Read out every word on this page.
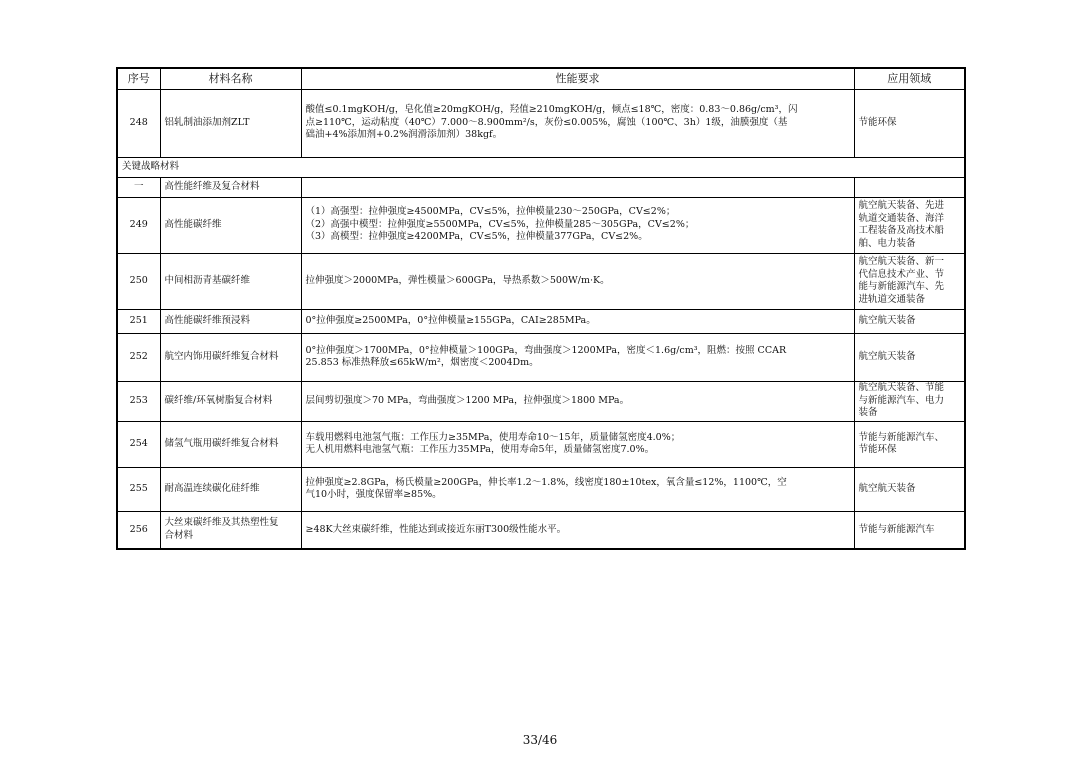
序号	材料名称	性能要求	应用领域
248	铝轧制油添加剂ZLT	酸值≤0.1mgKOH/g，皂化值≥20mgKOH/g，羟值≥210mgKOH/g，倾点≤18℃，密度：0.83～0.86g/cm³，闪
点≥110℃，运动粘度（40℃）7.000～8.900mm²/s，灰份≤0.005%，腐蚀（100℃、3h）1级，油膜强度（基
础油+4%添加剂+0.2%润滑添加剂）38kgf。	节能环保

关键战略材料			
一	高性能纤维及复合材料		
249	高性能碳纤维	（1）高强型：拉伸强度≥4500MPa，CV≤5%，拉伸模量230～250GPa，CV≤2%；
（2）高强中模型：拉伸强度≥5500MPa，CV≤5%，拉伸模量285～305GPa，CV≤2%；
（3）高模型：拉伸强度≥4200MPa，CV≤5%，拉伸模量377GPa，CV≤2%。	航空航天装备、先进
轨道交通装备、海洋
工程装备及高技术船
舶、电力装备

250	中间相沥青基碳纤维	拉伸强度＞2000MPa，弹性模量＞600GPa，导热系数＞500W/m·K。	航空航天装备、新一
代信息技术产业、节
能与新能源汽车、先
进轨道交通装备

251	高性能碳纤维预浸料	0°拉伸强度≥2500MPa，0°拉伸模量≥155GPa，CAI≥285MPa。	航空航天装备

252	航空内饰用碳纤维复合材料	0°拉伸强度＞1700MPa，0°拉伸模量＞100GPa，弯曲强度＞1200MPa，密度＜1.6g/cm³，阻燃：按照 CCAR
25.853 标准热释放≤65kW/m²，烟密度＜2004Dm。	航空航天装备

253	碳纤维/环氧树脂复合材料	层间剪切强度＞70 MPa，弯曲强度＞1200 MPa，拉伸强度＞1800 MPa。	航空航天装备、节能
与新能源汽车、电力
装备

254	储氢气瓶用碳纤维复合材料	车载用燃料电池氢气瓶：工作压力≥35MPa，使用寿命10～15年，质量储氢密度4.0%；
无人机用燃料电池氢气瓶：工作压力35MPa，使用寿命5年，质量储氢密度7.0%。	节能与新能源汽车、
节能环保

255	耐高温连续碳化硅纤维	拉伸强度≥2.8GPa，杨氏模量≥200GPa，伸长率1.2～1.8%，线密度180±10tex，氧含量≤12%，1100℃，空
气10小时，强度保留率≥85%。	航空航天装备

256	大丝束碳纤维及其热塑性复
合材料	≥48K大丝束碳纤维，性能达到或接近东丽T300级性能水平。	节能与新能源汽车
33/46
